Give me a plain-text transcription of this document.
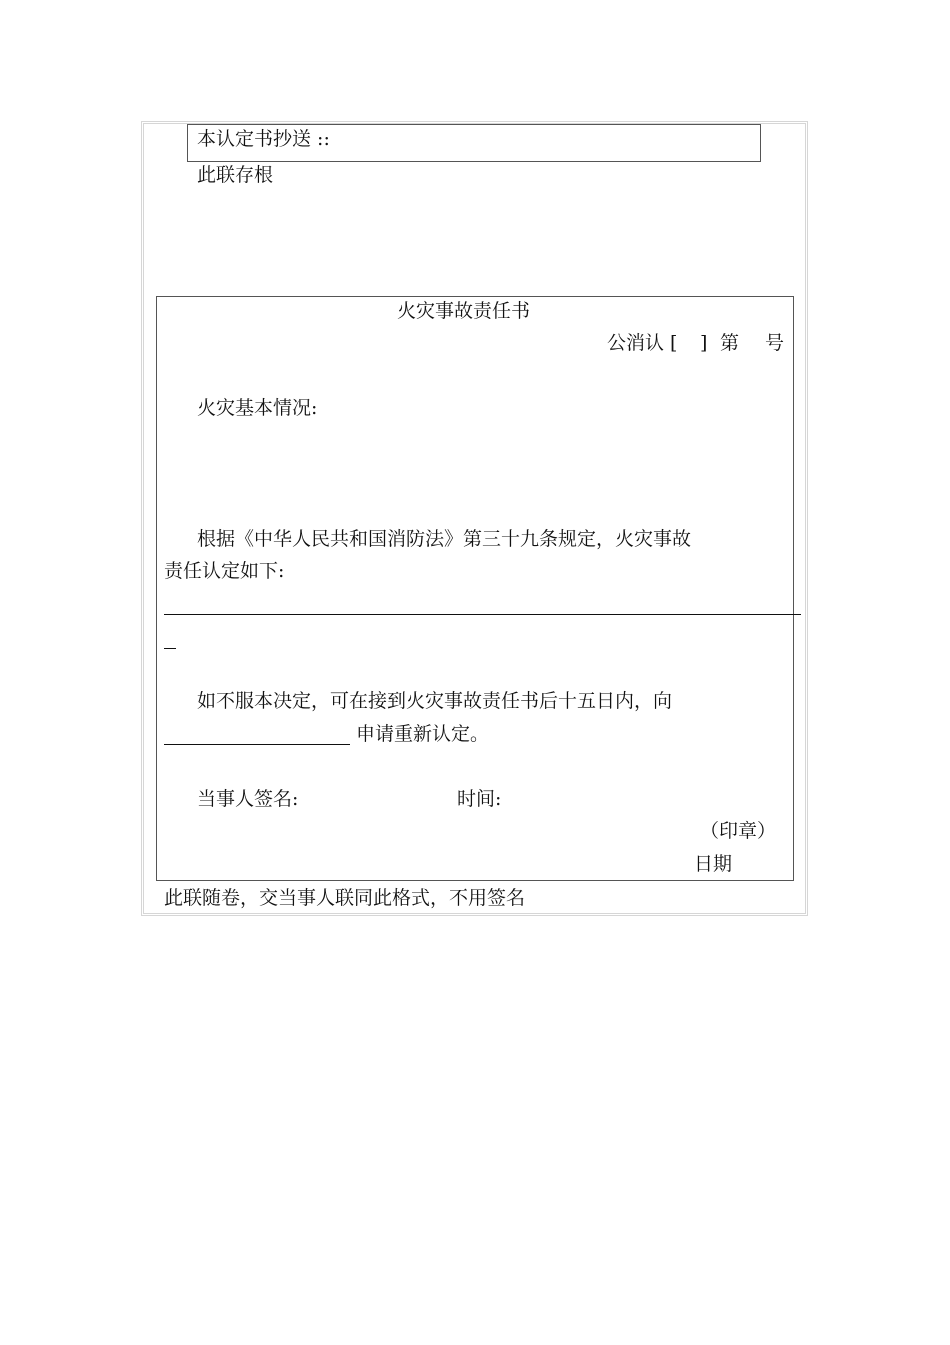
本认定书抄送 ::
此联存根
火灾事故责任书
公消认 [ ] 第 号
火灾基本情况:
根据《中华人民共和国消防法》第三十九条规定，火灾事故
责任认定如下:
如不服本决定，可在接到火灾事故责任书后十五日内，向
申请重新认定。
当事人签名:	时间:
（印章）
日期
此联随卷，交当事人联同此格式，不用签名
